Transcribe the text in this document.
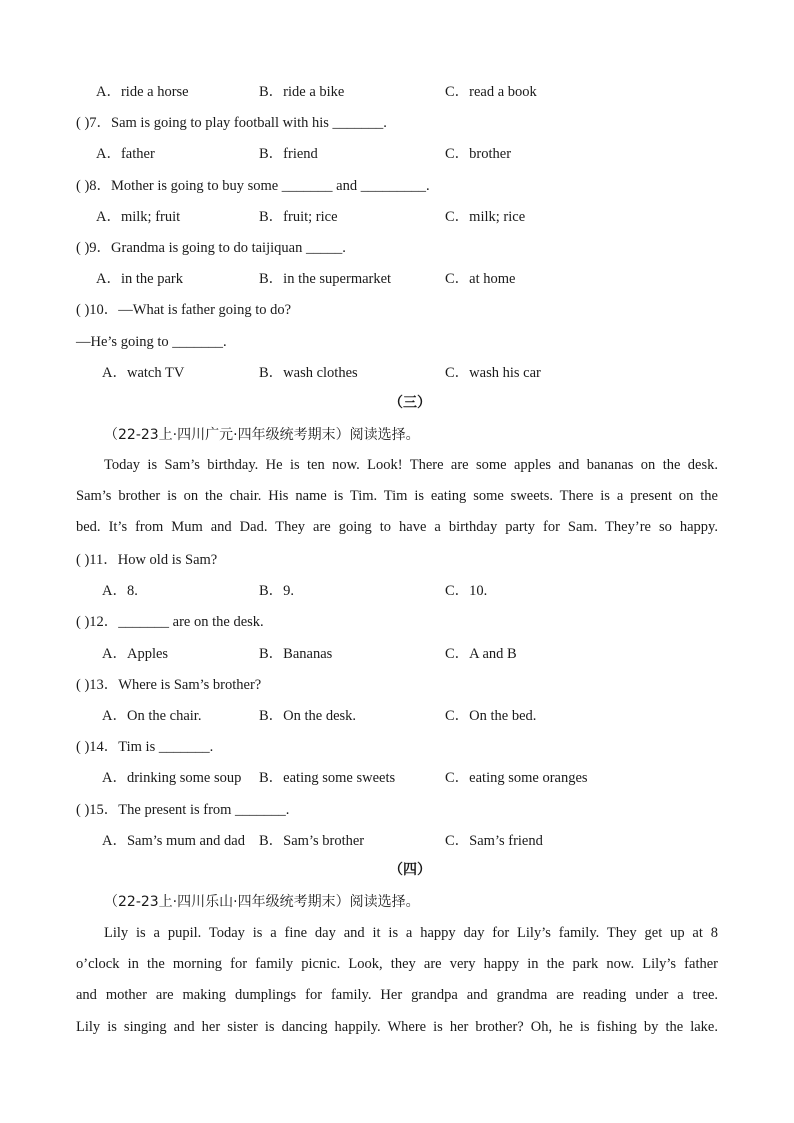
A．ride a horse	B．ride a bike	C．read a book
( )7．Sam is going to play football with his _______.
A．father	B．friend	C．brother
( )8．Mother is going to buy some _______ and _________.
A．milk; fruit	B．fruit; rice	C．milk; rice
( )9．Grandma is going to do taijiquan _____.
A．in the park	B．in the supermarket	C．at home
( )10．—What is father going to do?
—He’s going to _______.
A．watch TV	B．wash clothes	C．wash his car
（三）
（22-23上·四川广元·四年级统考期末）阅读选择。
Today is Sam’s birthday. He is ten now. Look! There are some apples and bananas on the desk.
Sam’s brother is on the chair. His name is Tim. Tim is eating some sweets. There is a present on the
bed. It’s from Mum and Dad. They are going to have a birthday party for Sam. They’re so happy.
( )11．How old is Sam?
A．8.	B．9.	C．10.
( )12．_______ are on the desk.
A．Apples	B．Bananas	C．A and B
( )13．Where is Sam’s brother?
A．On the chair.	B．On the desk.	C．On the bed.
( )14．Tim is _______.
A．drinking some soup B．eating some sweets	C．eating some oranges
( )15．The present is from _______.
A．Sam’s mum and dad B．Sam’s brother	C．Sam’s friend
（四）
（22-23上·四川乐山·四年级统考期末）阅读选择。
Lily is a pupil. Today is a fine day and it is a happy day for Lily’s family. They get up at 8
o’clock in the morning for family picnic. Look, they are very happy in the park now. Lily’s father
and mother are making dumplings for family. Her grandpa and grandma are reading under a tree.
Lily is singing and her sister is dancing happily. Where is her brother? Oh, he is fishing by the lake.
